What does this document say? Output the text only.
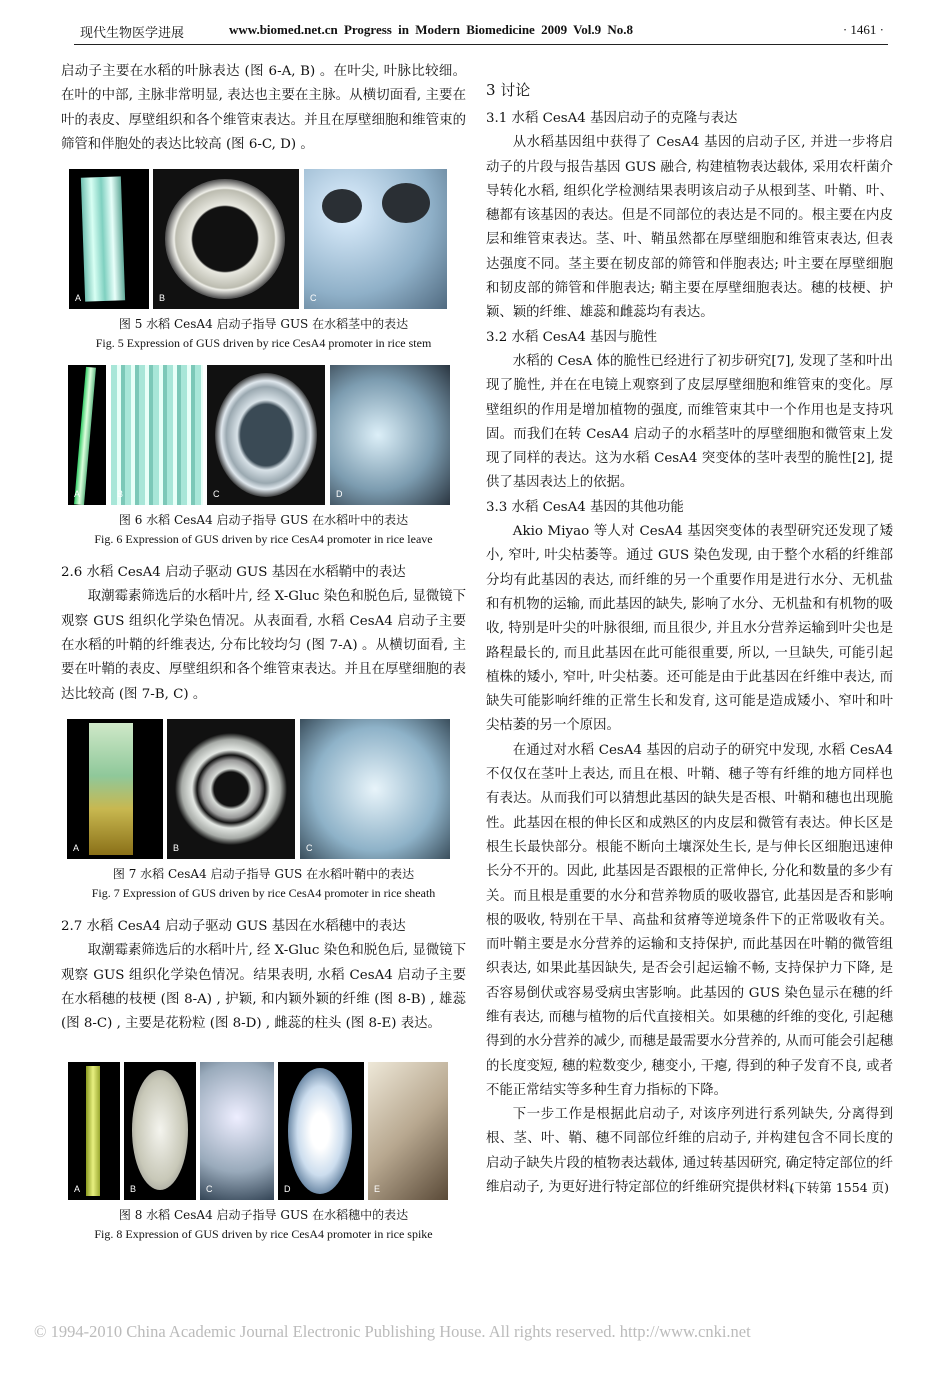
现代生物医学进展	www.biomed.net.cn Progress in Modern Biomedicine 2009 Vol.9 No.8	· 1461 ·

启动子主要在水稻的叶脉表达 (图 6-A, B) 。在叶尖, 叶脉比较细。在叶的中部, 主脉非常明显, 表达也主要在主脉。从横切面看, 主要在叶的表皮、厚壁组织和各个维管束表达。并且在厚壁细胞和维管束的筛管和伴胞处的表达比较高 (图 6-C, D) 。

A	B	C
图 5 水稻 CesA4 启动子指导 GUS 在水稻茎中的表达
Fig. 5 Expression of GUS driven by rice CesA4 promoter in rice stem
A	B	C	D
图 6 水稻 CesA4 启动子指导 GUS 在水稻叶中的表达
Fig. 6 Expression of GUS driven by rice CesA4 promoter in rice leave

2.6 水稻 CesA4 启动子驱动 GUS 基因在水稻鞘中的表达

取潮霉素筛选后的水稻叶片, 经 X-Gluc 染色和脱色后, 显微镜下观察 GUS 组织化学染色情况。从表面看, 水稻 CesA4 启动子主要在水稻的叶鞘的纤维表达, 分布比较均匀 (图 7-A) 。从横切面看, 主要在叶鞘的表皮、厚壁组织和各个维管束表达。并且在厚壁细胞的表达比较高 (图 7-B, C) 。

A	B	C
图 7 水稻 CesA4 启动子指导 GUS 在水稻叶鞘中的表达
Fig. 7 Expression of GUS driven by rice CesA4 promoter in rice sheath

2.7 水稻 CesA4 启动子驱动 GUS 基因在水稻穗中的表达

取潮霉素筛选后的水稻叶片, 经 X-Gluc 染色和脱色后, 显微镜下观察 GUS 组织化学染色情况。结果表明, 水稻 CesA4 启动子主要在水稻穗的枝梗 (图 8-A) , 护颖, 和内颖外颖的纤维 (图 8-B) , 雄蕊 (图 8-C) , 主要是花粉粒 (图 8-D) , 雌蕊的柱头 (图 8-E) 表达。

A	B	C	D	E
图 8 水稻 CesA4 启动子指导 GUS 在水稻穗中的表达
Fig. 8 Expression of GUS driven by rice CesA4 promoter in rice spike

3 讨论

3.1 水稻 CesA4 基因启动子的克隆与表达

从水稻基因组中获得了 CesA4 基因的启动子区, 并进一步将启动子的片段与报告基因 GUS 融合, 构建植物表达载体, 采用农杆菌介导转化水稻, 组织化学检测结果表明该启动子从根到茎、叶鞘、叶、穗都有该基因的表达。但是不同部位的表达是不同的。根主要在内皮层和维管束表达。茎、叶、鞘虽然都在厚壁细胞和维管束表达, 但表达强度不同。茎主要在韧皮部的筛管和伴胞表达; 叶主要在厚壁细胞和韧皮部的筛管和伴胞表达; 鞘主要在厚壁细胞表达。穗的枝梗、护颖、颖的纤维、雄蕊和雌蕊均有表达。

3.2 水稻 CesA4 基因与脆性

水稻的 CesA 体的脆性已经进行了初步研究[7], 发现了茎和叶出现了脆性, 并在在电镜上观察到了皮层厚壁细胞和维管束的变化。厚壁组织的作用是增加植物的强度, 而维管束其中一个作用也是支持巩固。而我们在转 CesA4 启动子的水稻茎叶的厚壁细胞和微管束上发现了同样的表达。这为水稻 CesA4 突变体的茎叶表型的脆性[2], 提供了基因表达上的依据。

3.3 水稻 CesA4 基因的其他功能

Akio Miyao 等人对 CesA4 基因突变体的表型研究还发现了矮小, 窄叶, 叶尖枯萎等。通过 GUS 染色发现, 由于整个水稻的纤维部分均有此基因的表达, 而纤维的另一个重要作用是进行水分、无机盐和有机物的运输, 而此基因的缺失, 影响了水分、无机盐和有机物的吸收, 特别是叶尖的叶脉很细, 而且很少, 并且水分营养运输到叶尖也是路程最长的, 而且此基因在此可能很重要, 所以, 一旦缺失, 可能引起植株的矮小, 窄叶, 叶尖枯萎。还可能是由于此基因在纤维中表达, 而缺失可能影响纤维的正常生长和发育, 这可能是造成矮小、窄叶和叶尖枯萎的另一个原因。

在通过对水稻 CesA4 基因的启动子的研究中发现, 水稻 CesA4 不仅仅在茎叶上表达, 而且在根、叶鞘、穗子等有纤维的地方同样也有表达。从而我们可以猜想此基因的缺失是否根、叶鞘和穗也出现脆性。此基因在根的伸长区和成熟区的内皮层和微管有表达。伸长区是根生长最快部分。根能不断向土壤深处生长, 是与伸长区细胞迅速伸长分不开的。因此, 此基因是否跟根的正常伸长, 分化和数量的多少有关。而且根是重要的水分和营养物质的吸收器官, 此基因是否和影响根的吸收, 特别在干旱、高盐和贫瘠等逆境条件下的正常吸收有关。而叶鞘主要是水分营养的运输和支持保护, 而此基因在叶鞘的微管组织表达, 如果此基因缺失, 是否会引起运输不畅, 支持保护力下降, 是否容易倒伏或容易受病虫害影响。此基因的 GUS 染色显示在穗的纤维有表达, 而穗与植物的后代直接相关。如果穗的纤维的变化, 引起穗得到的水分营养的减少, 而穗是最需要水分营养的, 从而可能会引起穗的长度变短, 穗的粒数变少, 穗变小, 干瘪, 得到的种子发育不良, 或者不能正常结实等多种生育力指标的下降。

下一步工作是根据此启动子, 对该序列进行系列缺失, 分离得到根、茎、叶、鞘、穗不同部位纤维的启动子, 并构建包含不同长度的启动子缺失片段的植物表达载体, 通过转基因研究, 确定特定部位的纤维启动子, 为更好进行特定部位的纤维研究提供材料。

(下转第 1554 页)

© 1994-2010 China Academic Journal Electronic Publishing House. All rights reserved. http://www.cnki.net
